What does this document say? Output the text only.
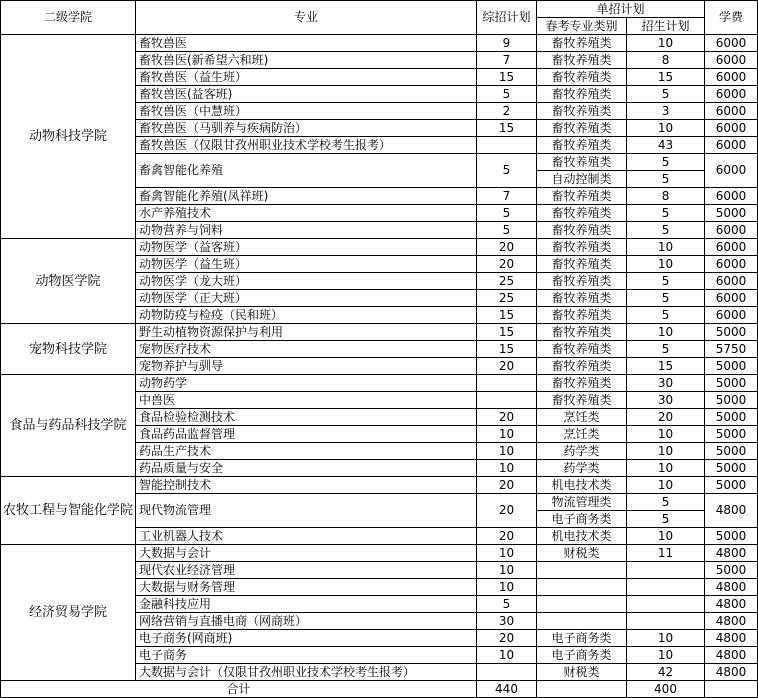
二级学院	专业	综招计划	单招计划		学费
			春考专业类别	招生计划	
动物科技学院	畜牧兽医	9	畜牧养殖类	10	6000
	畜牧兽医(新希望六和班)	7	畜牧养殖类	8	6000
	畜牧兽医（益生班）	15	畜牧养殖类	15	6000
	畜牧兽医(益客班)	5	畜牧养殖类	5	6000
	畜牧兽医（中慧班）	2	畜牧养殖类	3	6000
	畜牧兽医（马驯养与疾病防治）	15	畜牧养殖类	10	6000
	畜牧兽医（仅限甘孜州职业技术学校考生报考）		畜牧养殖类	43	6000
	畜禽智能化养殖	5	畜牧养殖类	5	6000
			自动控制类	5	
	畜禽智能化养殖(凤祥班)	7	畜牧养殖类	8	6000
	水产养殖技术	5	畜牧养殖类	5	5000
	动物营养与饲料	5	畜牧养殖类	5	6000
动物医学院	动物医学（益客班）	20	畜牧养殖类	10	6000
	动物医学（益生班）	20	畜牧养殖类	10	6000
	动物医学（龙大班）	25	畜牧养殖类	5	6000
	动物医学（正大班）	25	畜牧养殖类	5	6000
	动物防疫与检疫（民和班）	15	畜牧养殖类	5	6000
宠物科技学院	野生动植物资源保护与利用	15	畜牧养殖类	10	5000
	宠物医疗技术	15	畜牧养殖类	5	5750
	宠物养护与驯导	20	畜牧养殖类	15	5000
食品与药品科技学院	动物药学		畜牧养殖类	30	5000
	中兽医		畜牧养殖类	30	5000
	食品检验检测技术	20	烹饪类	20	5000
	食品药品监督管理	10	烹饪类	10	5000
	药品生产技术	10	药学类	10	5000
	药品质量与安全	10	药学类	10	5000
农牧工程与智能化学院	智能控制技术	20	机电技术类	10	5000
	现代物流管理	20	物流管理类	5	4800
			电子商务类	5	
	工业机器人技术	20	机电技术类	10	5000
经济贸易学院	大数据与会计	10	财税类	11	4800
	现代农业经济管理	10			5000
	大数据与财务管理	10			4800
	金融科技应用	5			4800
	网络营销与直播电商（网商班）	30			4800
	电子商务(网商班)	20	电子商务类	10	4800
	电子商务	10	电子商务类	10	4800
	大数据与会计（仅限甘孜州职业技术学校考生报考）		财税类	42	4800
合计		440		400	
